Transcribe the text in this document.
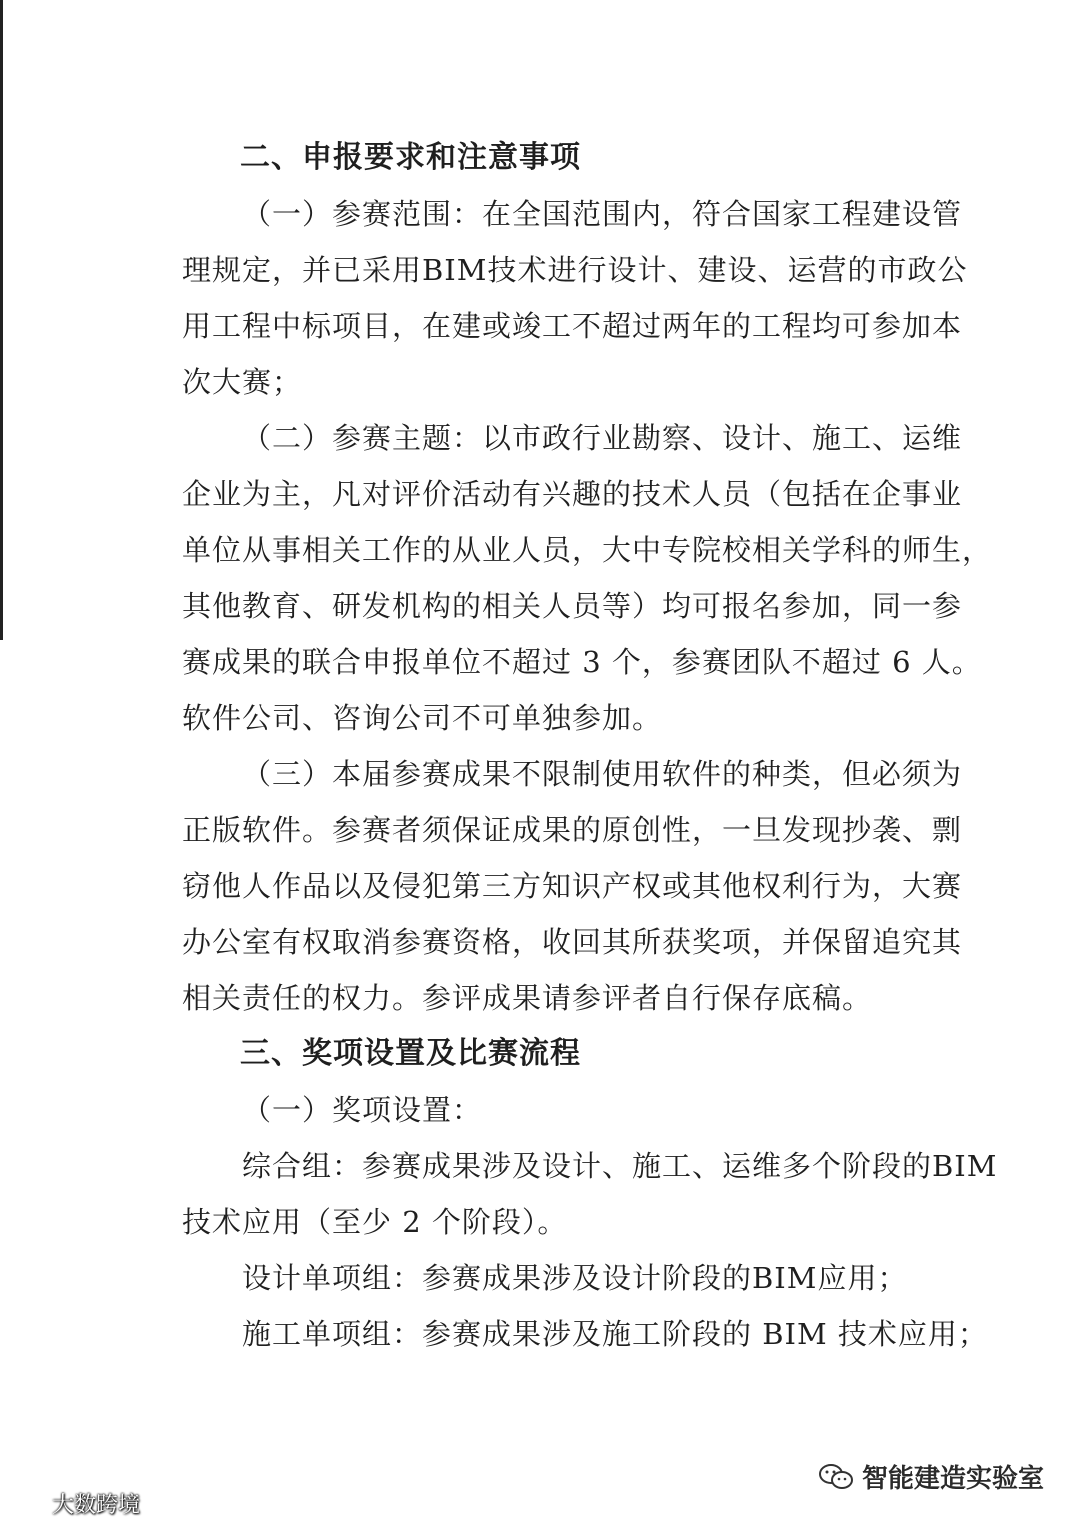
二、申报要求和注意事项
（一）参赛范围：在全国范围内，符合国家工程建设管
理规定，并已采用BIM技术进行设计、建设、运营的市政公
用工程中标项目，在建或竣工不超过两年的工程均可参加本
次大赛；
（二）参赛主题：以市政行业勘察、设计、施工、运维
企业为主，凡对评价活动有兴趣的技术人员（包括在企事业
单位从事相关工作的从业人员，大中专院校相关学科的师生，
其他教育、研发机构的相关人员等）均可报名参加，同一参
赛成果的联合申报单位不超过 3 个，参赛团队不超过 6 人。
软件公司、咨询公司不可单独参加。
（三）本届参赛成果不限制使用软件的种类，但必须为
正版软件。参赛者须保证成果的原创性，一旦发现抄袭、剽
窃他人作品以及侵犯第三方知识产权或其他权利行为，大赛
办公室有权取消参赛资格，收回其所获奖项，并保留追究其
相关责任的权力。参评成果请参评者自行保存底稿。
三、奖项设置及比赛流程
（一）奖项设置：
综合组：参赛成果涉及设计、施工、运维多个阶段的BIM
技术应用（至少 2 个阶段）。
设计单项组：参赛成果涉及设计阶段的BIM应用；
施工单项组：参赛成果涉及施工阶段的 BIM 技术应用；
大数跨境
智能建造实验室
